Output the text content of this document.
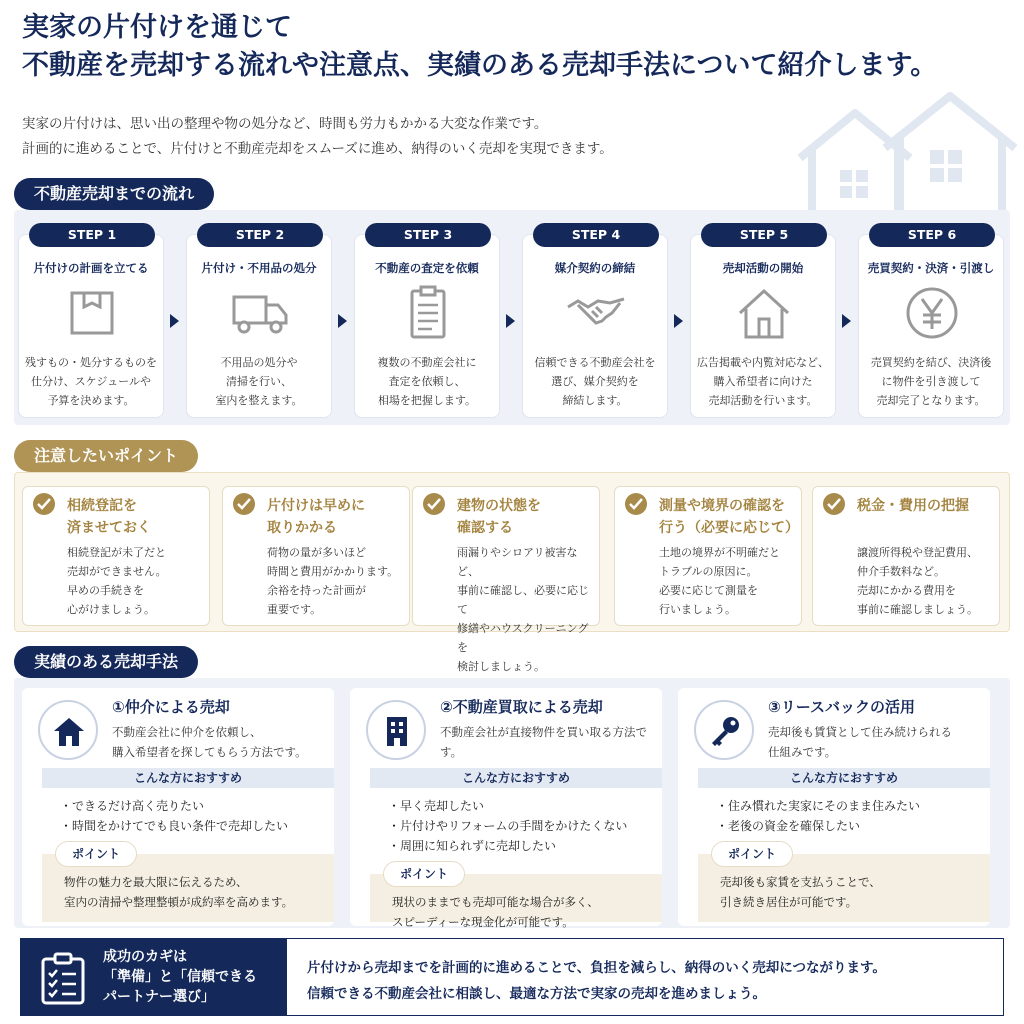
実家の片付けを通じて
不動産を売却する流れや注意点、実績のある売却手法について紹介します。
実家の片付けは、思い出の整理や物の処分など、時間も労力もかかる大変な作業です。
計画的に進めることで、片付けと不動産売却をスムーズに進め、納得のいく売却を実現できます。
不動産売却までの流れ
STEP 1
片付けの計画を立てる
残すもの・処分するものを
仕分け、スケジュールや
予算を決めます。
STEP 2
片付け・不用品の処分
不用品の処分や
清掃を行い、
室内を整えます。
STEP 3
不動産の査定を依頼
複数の不動産会社に
査定を依頼し、
相場を把握します。
STEP 4
媒介契約の締結
信頼できる不動産会社を
選び、媒介契約を
締結します。
STEP 5
売却活動の開始
広告掲載や内覧対応など、
購入希望者に向けた
売却活動を行います。
STEP 6
売買契約・決済・引渡し
売買契約を結び、決済後
に物件を引き渡して
売却完了となります。
注意したいポイント
相続登記を
済ませておく
相続登記が未了だと
売却ができません。
早めの手続きを
心がけましょう。
片付けは早めに
取りかかる
荷物の量が多いほど
時間と費用がかかります。
余裕を持った計画が
重要です。
建物の状態を
確認する
雨漏りやシロアリ被害など、
事前に確認し、必要に応じて
修繕やハウスクリーニングを
検討しましょう。
測量や境界の確認を
行う（必要に応じて）
土地の境界が不明確だと
トラブルの原因に。
必要に応じて測量を
行いましょう。
税金・費用の把握
譲渡所得税や登記費用、
仲介手数料など。
売却にかかる費用を
事前に確認しましょう。
実績のある売却手法
①仲介による売却
不動産会社に仲介を依頼し、
購入希望者を探してもらう方法です。
こんな方におすすめ
・できるだけ高く売りたい
・時間をかけてでも良い条件で売却したい
ポイント
物件の魅力を最大限に伝えるため、
室内の清掃や整理整頓が成約率を高めます。
②不動産買取による売却
不動産会社が直接物件を買い取る方法です。
こんな方におすすめ
・早く売却したい
・片付けやリフォームの手間をかけたくない
・周囲に知られずに売却したい
ポイント
現状のままでも売却可能な場合が多く、
スピーディーな現金化が可能です。
③リースバックの活用
売却後も賃貸として住み続けられる
仕組みです。
こんな方におすすめ
・住み慣れた実家にそのまま住みたい
・老後の資金を確保したい
ポイント
売却後も家賃を支払うことで、
引き続き居住が可能です。
成功のカギは
「準備」と「信頼できる
パートナー選び」
片付けから売却までを計画的に進めることで、負担を減らし、納得のいく売却につながります。
信頼できる不動産会社に相談し、最適な方法で実家の売却を進めましょう。
